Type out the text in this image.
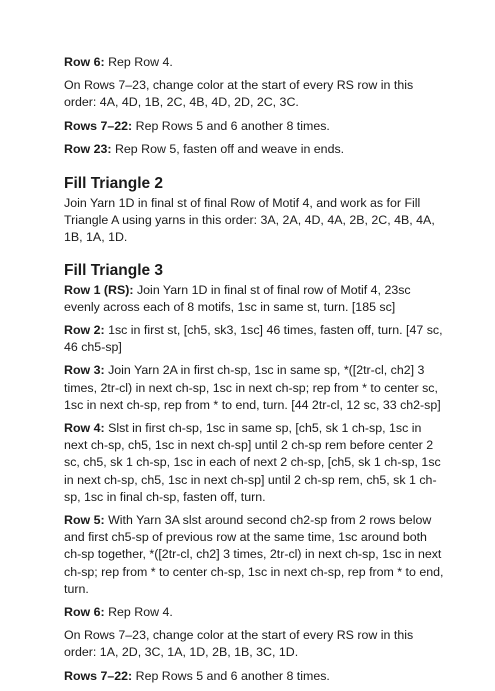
Row 6: Rep Row 4.

On Rows 7–23, change color at the start of every RS row in this order: 4A, 4D, 1B, 2C, 4B, 4D, 2D, 2C, 3C.

Rows 7–22: Rep Rows 5 and 6 another 8 times.

Row 23: Rep Row 5, fasten off and weave in ends.

Fill Triangle 2

Join Yarn 1D in final st of final Row of Motif 4, and work as for Fill Triangle A using yarns in this order: 3A, 2A, 4D, 4A, 2B, 2C, 4B, 4A, 1B, 1A, 1D.

Fill Triangle 3

Row 1 (RS): Join Yarn 1D in final st of final row of Motif 4, 23sc evenly across each of 8 motifs, 1sc in same st, turn. [185 sc]

Row 2: 1sc in first st, [ch5, sk3, 1sc] 46 times, fasten off, turn. [47 sc, 46 ch5-sp]

Row 3: Join Yarn 2A in first ch-sp, 1sc in same sp, *([2tr-cl, ch2] 3 times, 2tr-cl) in next ch-sp, 1sc in next ch-sp; rep from * to center sc, 1sc in next ch-sp, rep from * to end, turn. [44 2tr-cl, 12 sc, 33 ch2-sp]

Row 4: Slst in first ch-sp, 1sc in same sp, [ch5, sk 1 ch-sp, 1sc in next ch-sp, ch5, 1sc in next ch-sp] until 2 ch-sp rem before center 2 sc, ch5, sk 1 ch-sp, 1sc in each of next 2 ch-sp, [ch5, sk 1 ch-sp, 1sc in next ch-sp, ch5, 1sc in next ch-sp] until 2 ch-sp rem, ch5, sk 1 ch-sp, 1sc in final ch-sp, fasten off, turn.

Row 5: With Yarn 3A slst around second ch2-sp from 2 rows below and first ch5-sp of previous row at the same time, 1sc around both ch-sp together, *([2tr-cl, ch2] 3 times, 2tr-cl) in next ch-sp, 1sc in next ch-sp; rep from * to center ch-sp, 1sc in next ch-sp, rep from * to end, turn.

Row 6: Rep Row 4.

On Rows 7–23, change color at the start of every RS row in this order: 1A, 2D, 3C, 1A, 1D, 2B, 1B, 3C, 1D.

Rows 7–22: Rep Rows 5 and 6 another 8 times.
